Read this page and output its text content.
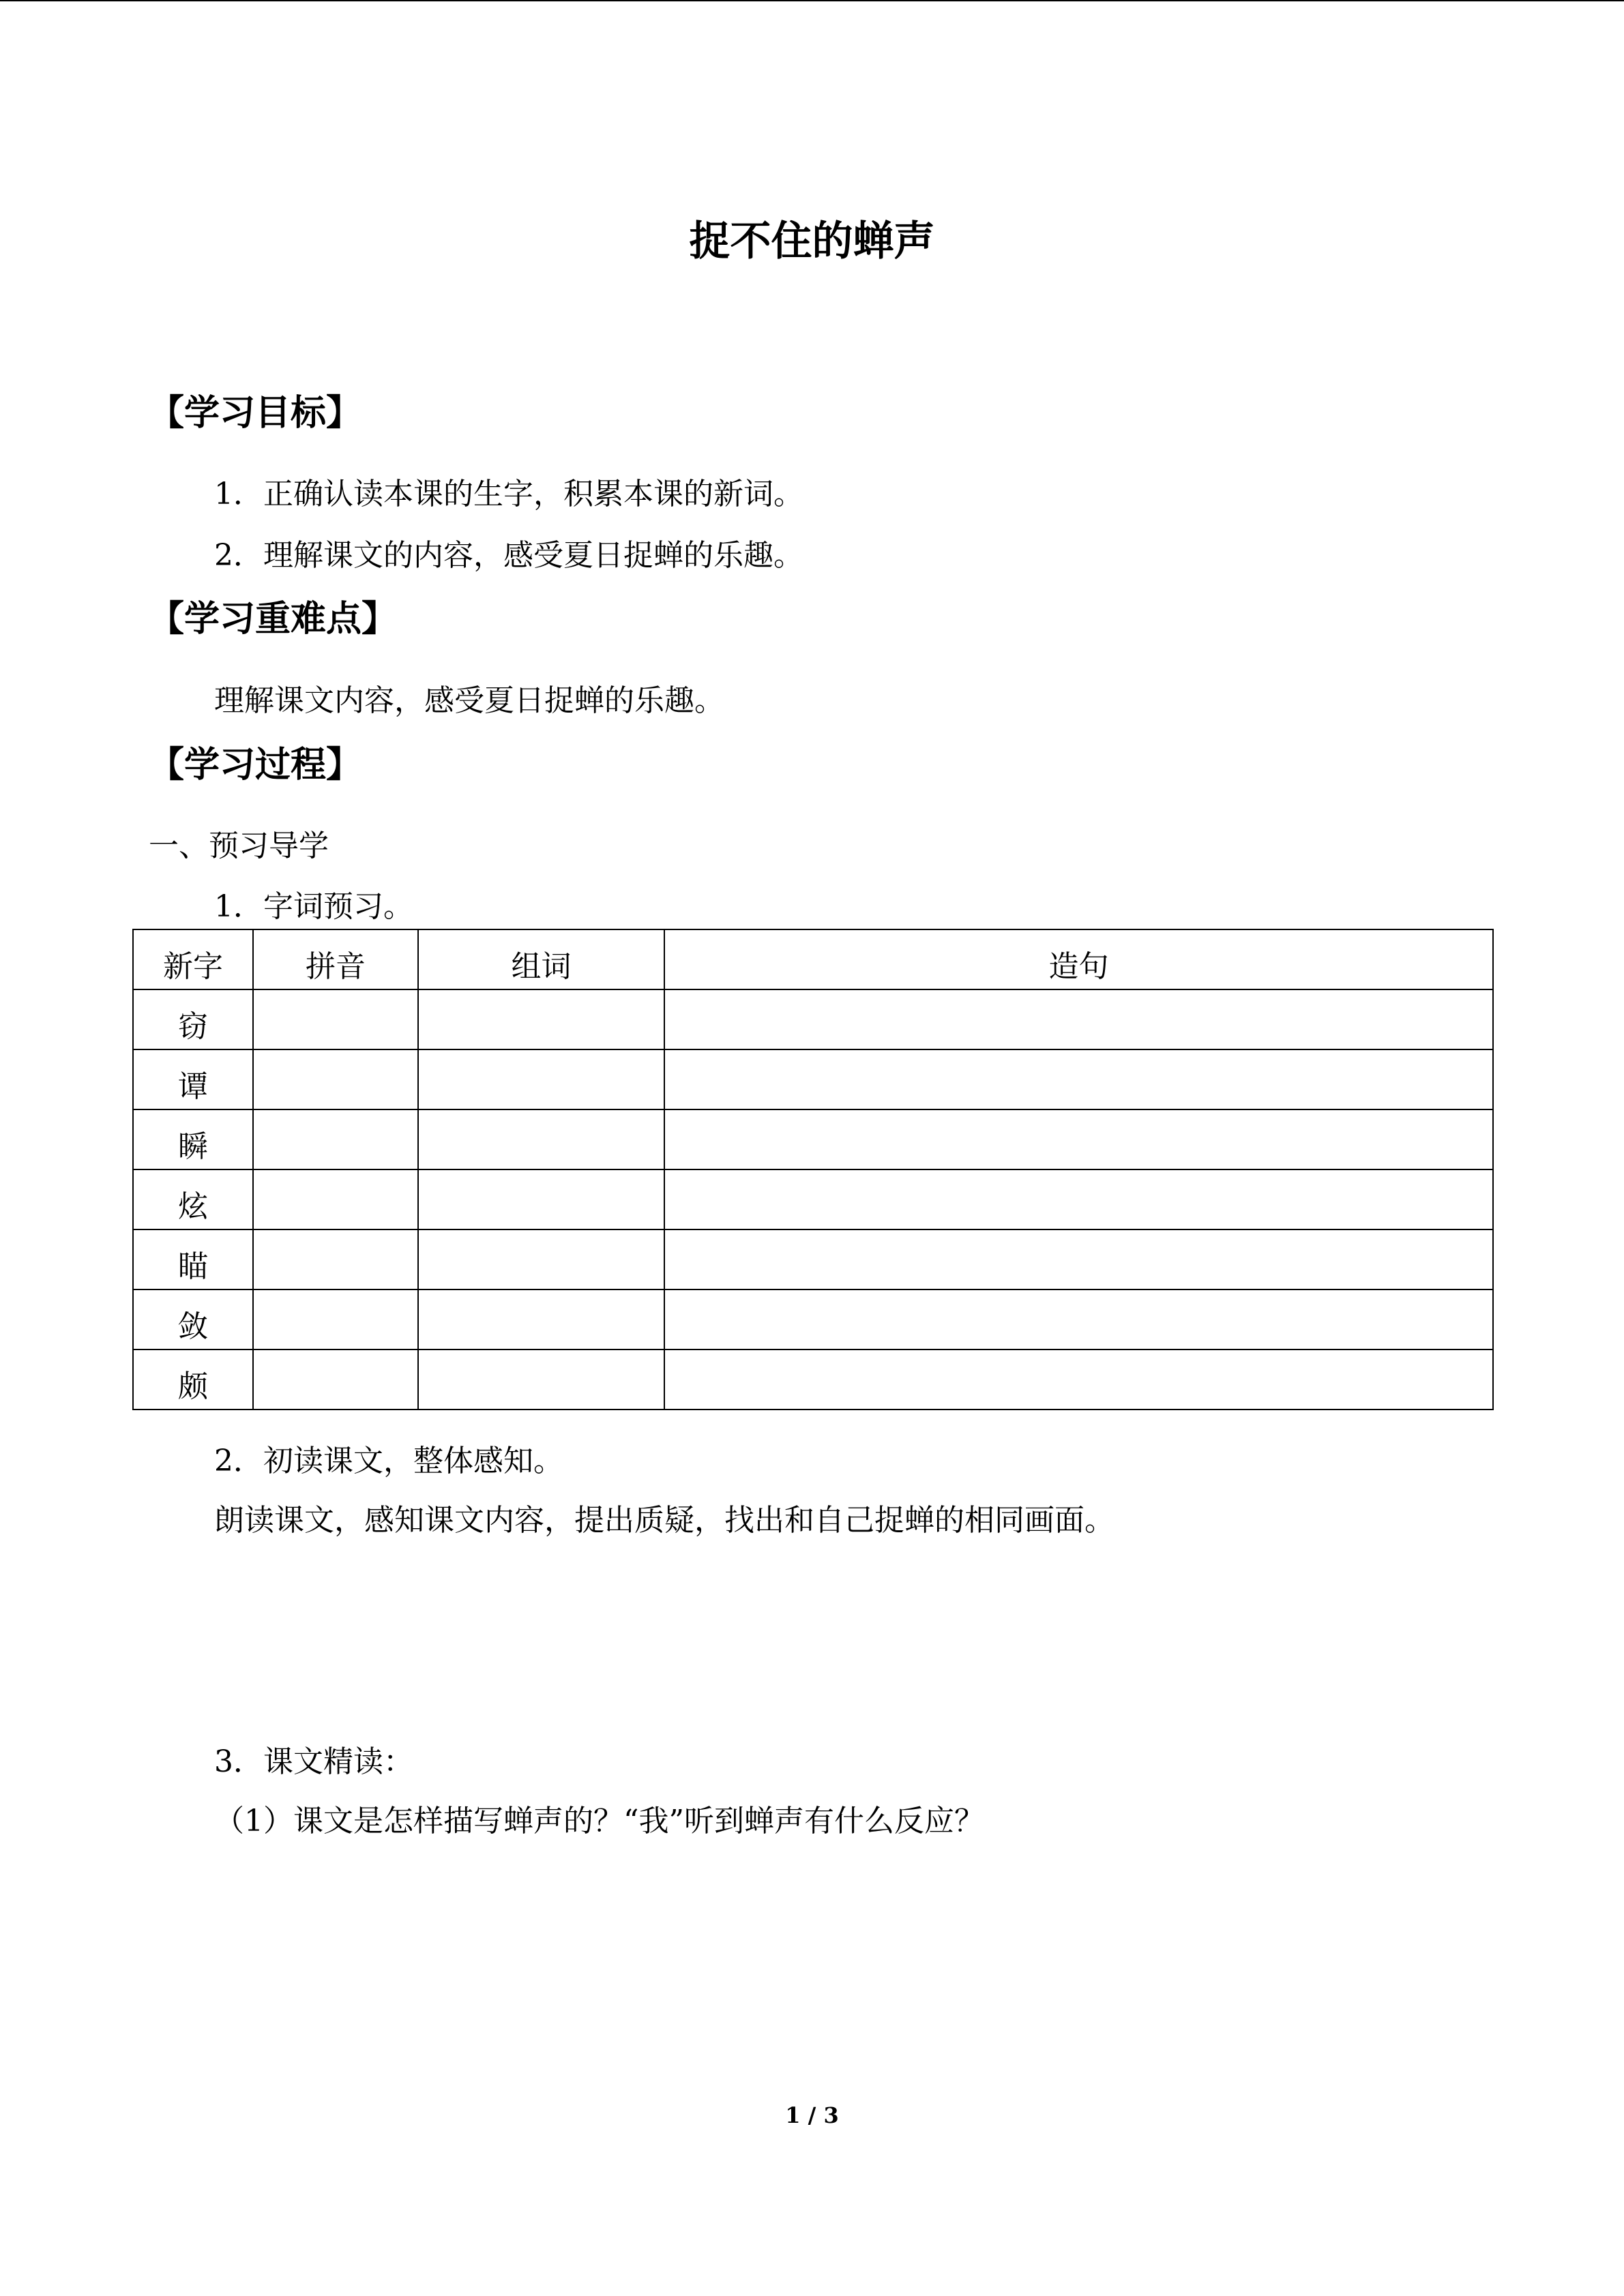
捉不住的蝉声
【学习目标】
1．正确认读本课的生字，积累本课的新词。
2．理解课文的内容，感受夏日捉蝉的乐趣。
【学习重难点】
理解课文内容，感受夏日捉蝉的乐趣。
【学习过程】
一、预习导学
1．字词预习。
新字	拼音	组词	造句

窃			

谭			

瞬			

炫			

瞄			

敛			

颇			

2．初读课文，整体感知。
朗读课文，感知课文内容，提出质疑，找出和自己捉蝉的相同画面。
3．课文精读：
（1）课文是怎样描写蝉声的？“我”听到蝉声有什么反应？
1 / 3
